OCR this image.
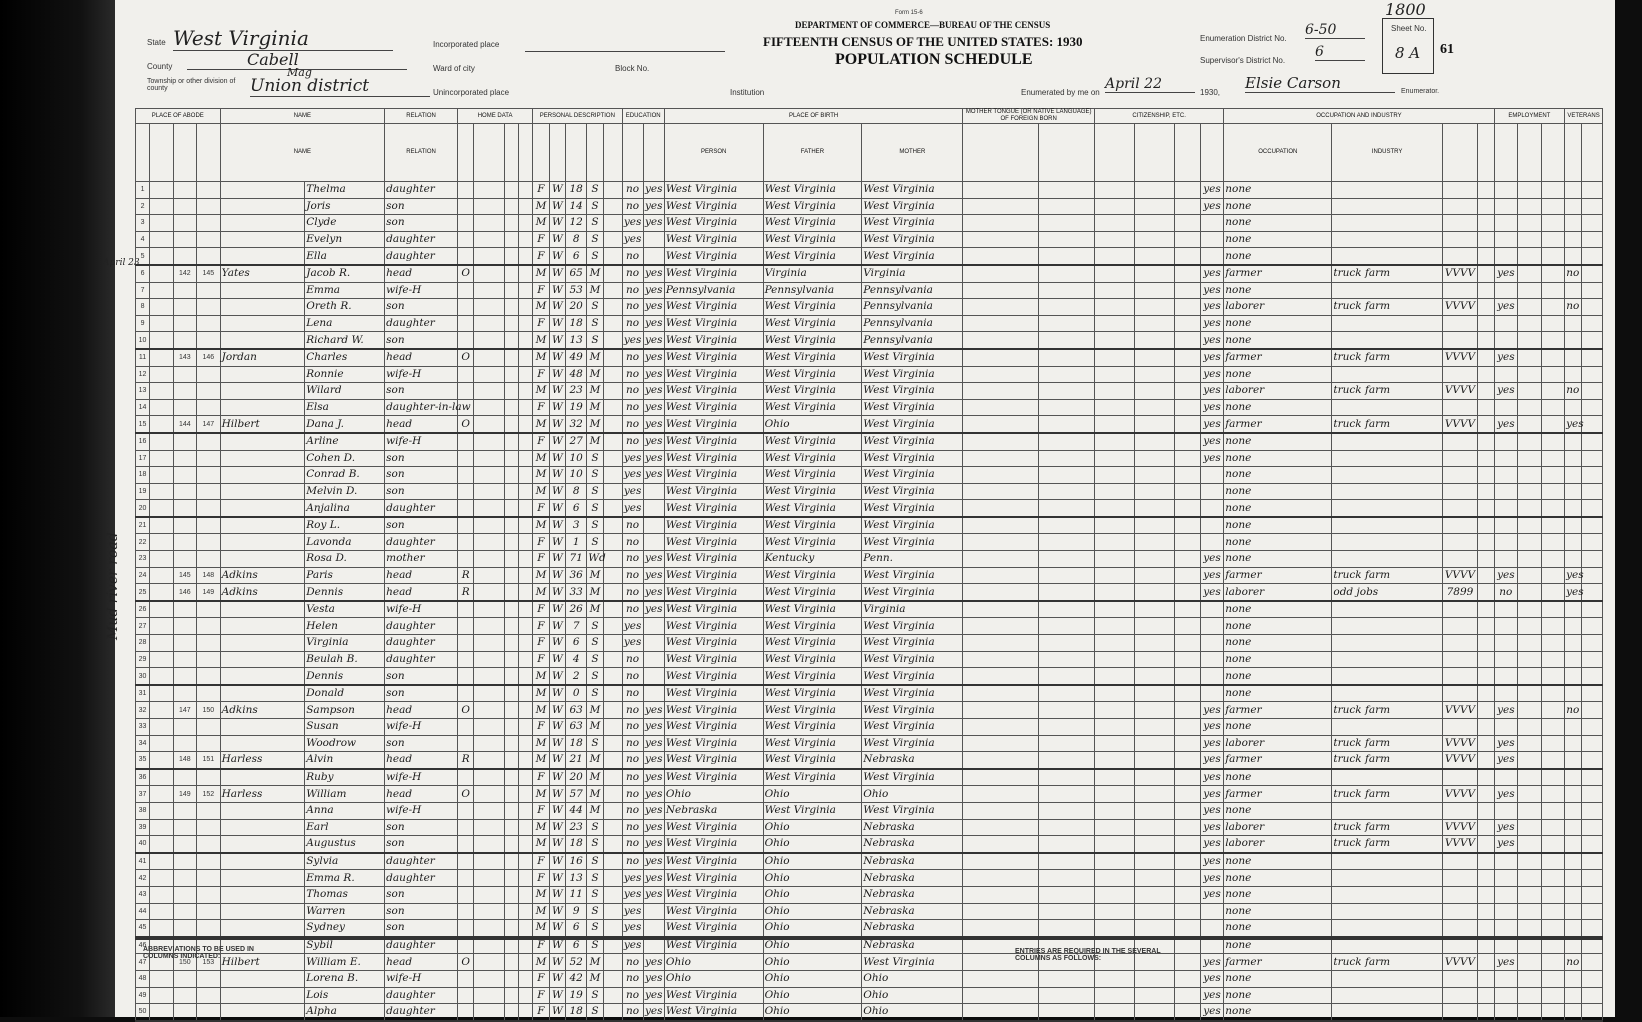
Form 15-6
DEPARTMENT OF COMMERCE—BUREAU OF THE CENSUS
FIFTEENTH CENSUS OF THE UNITED STATES: 1930
POPULATION SCHEDULE
State West Virginia
County	Cabell
Township or other division of county
Mag
Union district
Incorporated place
Ward of city	Block No.
Unincorporated place	Institution
Enumeration District No.
6-50
Supervisor's District No.
6
Enumerated by me on
April 22
1930,
Elsie Carson	Enumerator.
1800
Sheet No.
8 A 61
April 23
Mud river road
PLACE OF ABODE				NAME		RELATION	HOME DATA				PERSONAL DESCRIPTION					EDUCATION		PLACE OF BIRTH			MOTHER TONGUE (OR NATIVE LANGUAGE) OF FOREIGN BORN		CITIZENSHIP, ETC.				OCCUPATION AND INDUSTRY				EMPLOYMENT			VETERANS	
				NAME		RELATION												PERSON	FATHER	MOTHER							OCCUPATION	INDUSTRY							
1					Thelma	daughter					F	W	18	S		no	yes	West Virginia	West Virginia	West Virginia						yes	none								
2					Joris	son					M	W	14	S		no	yes	West Virginia	West Virginia	West Virginia						yes	none								
3					Clyde	son					M	W	12	S		yes	yes	West Virginia	West Virginia	West Virginia							none								
4					Evelyn	daughter					F	W	8	S		yes		West Virginia	West Virginia	West Virginia							none								
5					Ella	daughter					F	W	6	S		no		West Virginia	West Virginia	West Virginia							none								
6		142	145	Yates	Jacob R.	head	O				M	W	65	M		no	yes	West Virginia	Virginia	Virginia						yes	farmer	truck farm	VVVV		yes			no	
7					Emma	wife-H					F	W	53	M		no	yes	Pennsylvania	Pennsylvania	Pennsylvania						yes	none								
8					Oreth R.	son					M	W	20	S		no	yes	West Virginia	West Virginia	Pennsylvania						yes	laborer	truck farm	VVVV		yes			no	
9					Lena	daughter					F	W	18	S		no	yes	West Virginia	West Virginia	Pennsylvania						yes	none								
10					Richard W.	son					M	W	13	S		yes	yes	West Virginia	West Virginia	Pennsylvania						yes	none								
11		143	146	Jordan	Charles	head	O				M	W	49	M		no	yes	West Virginia	West Virginia	West Virginia						yes	farmer	truck farm	VVVV		yes				
12					Ronnie	wife-H					F	W	48	M		no	yes	West Virginia	West Virginia	West Virginia						yes	none								
13					Wilard	son					M	W	23	M		no	yes	West Virginia	West Virginia	West Virginia						yes	laborer	truck farm	VVVV		yes			no	
14					Elsa	daughter-in-law					F	W	19	M		no	yes	West Virginia	West Virginia	West Virginia						yes	none								
15		144	147	Hilbert	Dana J.	head	O				M	W	32	M		no	yes	West Virginia	Ohio	West Virginia						yes	farmer	truck farm	VVVV		yes			yes	
16					Arline	wife-H					F	W	27	M		no	yes	West Virginia	West Virginia	West Virginia						yes	none								
17					Cohen D.	son					M	W	10	S		yes	yes	West Virginia	West Virginia	West Virginia						yes	none								
18					Conrad B.	son					M	W	10	S		yes	yes	West Virginia	West Virginia	West Virginia							none								
19					Melvin D.	son					M	W	8	S		yes		West Virginia	West Virginia	West Virginia							none								
20					Anjalina	daughter					F	W	6	S		yes		West Virginia	West Virginia	West Virginia							none								
21					Roy L.	son					M	W	3	S		no		West Virginia	West Virginia	West Virginia							none								
22					Lavonda	daughter					F	W	1	S		no		West Virginia	West Virginia	West Virginia							none								
23					Rosa D.	mother					F	W	71	Wd		no	yes	West Virginia	Kentucky	Penn.						yes	none								
24		145	148	Adkins	Paris	head	R				M	W	36	M		no	yes	West Virginia	West Virginia	West Virginia						yes	farmer	truck farm	VVVV		yes			yes	
25		146	149	Adkins	Dennis	head	R				M	W	33	M		no	yes	West Virginia	West Virginia	West Virginia						yes	laborer	odd jobs	7899		no			yes	
26					Vesta	wife-H					F	W	26	M		no	yes	West Virginia	West Virginia	Virginia							none								
27					Helen	daughter					F	W	7	S		yes		West Virginia	West Virginia	West Virginia							none								
28					Virginia	daughter					F	W	6	S		yes		West Virginia	West Virginia	West Virginia							none								
29					Beulah B.	daughter					F	W	4	S		no		West Virginia	West Virginia	West Virginia							none								
30					Dennis	son					M	W	2	S		no		West Virginia	West Virginia	West Virginia							none								
31					Donald	son					M	W	0	S		no		West Virginia	West Virginia	West Virginia							none								
32		147	150	Adkins	Sampson	head	O				M	W	63	M		no	yes	West Virginia	West Virginia	West Virginia						yes	farmer	truck farm	VVVV		yes			no	
33					Susan	wife-H					F	W	63	M		no	yes	West Virginia	West Virginia	West Virginia						yes	none								
34					Woodrow	son					M	W	18	S		no	yes	West Virginia	West Virginia	West Virginia						yes	laborer	truck farm	VVVV		yes				
35		148	151	Harless	Alvin	head	R				M	W	21	M		no	yes	West Virginia	West Virginia	Nebraska						yes	farmer	truck farm	VVVV		yes				
36					Ruby	wife-H					F	W	20	M		no	yes	West Virginia	West Virginia	West Virginia						yes	none								
37		149	152	Harless	William	head	O				M	W	57	M		no	yes	Ohio	Ohio	Ohio						yes	farmer	truck farm	VVVV		yes				
38					Anna	wife-H					F	W	44	M		no	yes	Nebraska	West Virginia	West Virginia						yes	none								
39					Earl	son					M	W	23	S		no	yes	West Virginia	Ohio	Nebraska						yes	laborer	truck farm	VVVV		yes				
40					Augustus	son					M	W	18	S		no	yes	West Virginia	Ohio	Nebraska						yes	laborer	truck farm	VVVV		yes				
41					Sylvia	daughter					F	W	16	S		no	yes	West Virginia	Ohio	Nebraska						yes	none								
42					Emma R.	daughter					F	W	13	S		yes	yes	West Virginia	Ohio	Nebraska						yes	none								
43					Thomas	son					M	W	11	S		yes	yes	West Virginia	Ohio	Nebraska						yes	none								
44					Warren	son					M	W	9	S		yes		West Virginia	Ohio	Nebraska							none								
45					Sydney	son					M	W	6	S		yes		West Virginia	Ohio	Nebraska							none								
46					Sybil	daughter					F	W	6	S		yes		West Virginia	Ohio	Nebraska							none								
47		150	153	Hilbert	William E.	head	O				M	W	52	M		no	yes	Ohio	Ohio	West Virginia						yes	farmer	truck farm	VVVV		yes			no	
48					Lorena B.	wife-H					F	W	42	M		no	yes	Ohio	Ohio	Ohio						yes	none								
49					Lois	daughter					F	W	19	S		no	yes	West Virginia	Ohio	Ohio						yes	none								
50					Alpha	daughter					F	W	18	S		no	yes	West Virginia	Ohio	Ohio						yes	none								
ABBREVIATIONS TO BE USED IN COLUMNS INDICATED:
ENTRIES ARE REQUIRED IN THE SEVERAL COLUMNS AS FOLLOWS:
